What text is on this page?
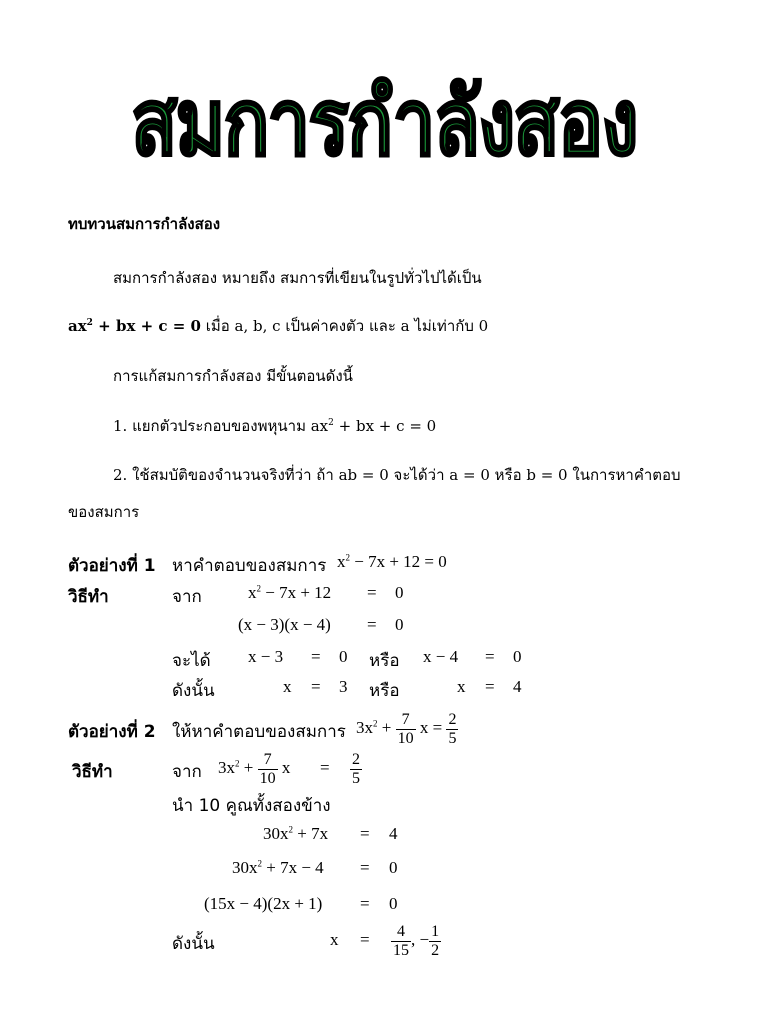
สมการกำลังสอง
ทบทวนสมการกำลังสอง
สมการกำลังสอง หมายถึง สมการที่เขียนในรูปทั่วไปได้เป็น
$ax^2$ + bx + c = 0 เมื่อ a, b, c เป็นค่าคงตัว และ a ไม่เท่ากับ 0
การแก้สมการกำลังสอง มีขั้นตอนดังนี้
1. แยกตัวประกอบของพหุนาม $ax^2$ + bx + c = 0
2. ใช้สมบัติของจำนวนจริงที่ว่า ถ้า ab = 0 จะได้ว่า a = 0 หรือ b = 0 ในการหาคำตอบ
ของสมการ
ตัวอย่างที่ 1 หาคำตอบของสมการ $x^2 - 7x + 12 = 0$
วิธีทำ	จาก	$x^2 - 7x + 12 = 0$
(x − 3)(x − 4) = 0
จะได้ x − 3 = 0 หรือ x − 4 = 0
ดังนั้น	x = 3 หรือ	x = 4
ตัวอย่างที่ 2 ให้หาคำตอบของสมการ $3x^2 + \frac{7}{10}$ $x = \frac{2}{5}$
วิธีทำ	จาก $3x^2 + \frac{7}{10}$ $x = \frac{2}{5}$
นำ 10 คูณทั้งสองข้าง
$30x^2 + 7x = 4$
$30x^2 + 7x - 4 = 0$
(15x − 4)(2x + 1) = 0
ดังนั้น	$x = \frac{4}{15}$ , − $\frac{1}{2}$
